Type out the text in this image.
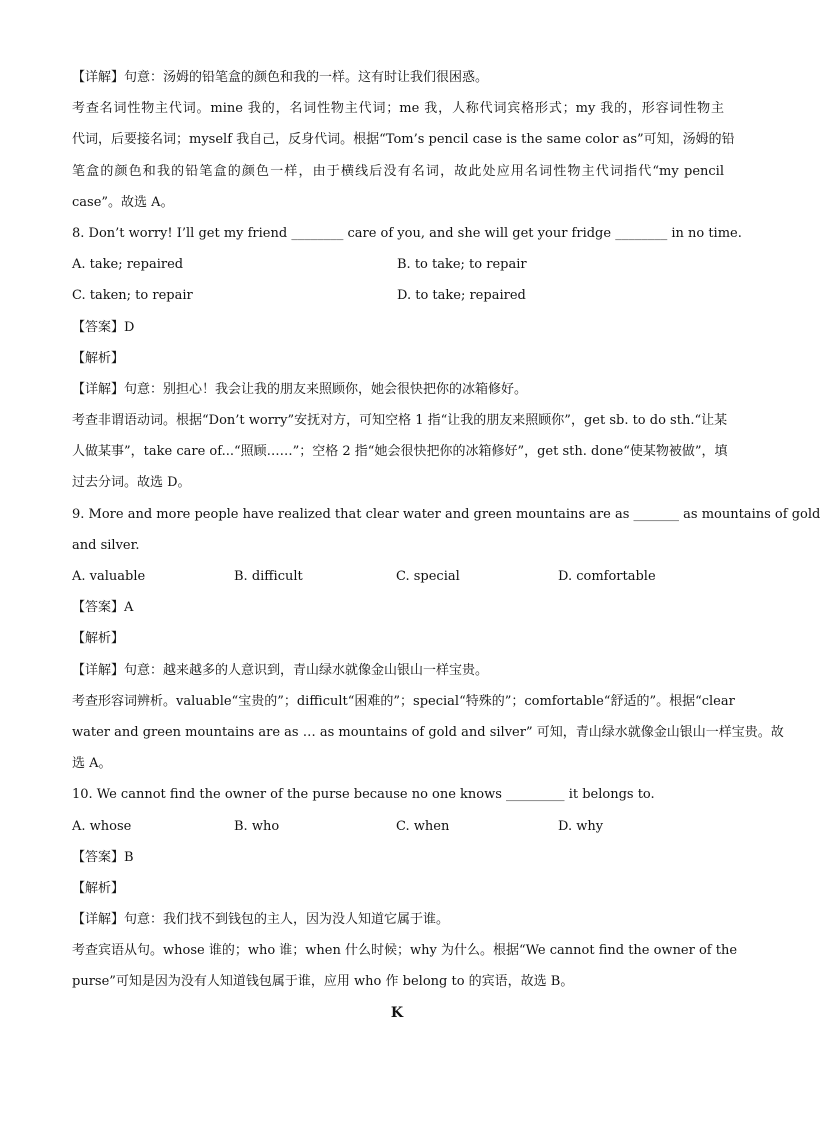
【详解】句意：汤姆的铅笔盒的颜色和我的一样。这有时让我们很困惑。
考查名词性物主代词。mine 我的，名词性物主代词；me 我，人称代词宾格形式；my 我的，形容词性物主
代词，后要接名词；myself 我自己，反身代词。根据“Tom’s pencil case is the same color as”可知，汤姆的铅
笔盒的颜色和我的铅笔盒的颜色一样，由于横线后没有名词，故此处应用名词性物主代词指代“my pencil
case”。故选 A。
8. Don’t worry! I’ll get my friend ________ care of you, and she will get your fridge ________ in no time.
A. take; repaired	B. to take; to repair
C. taken; to repair	D. to take; repaired
【答案】D
【解析】
【详解】句意：别担心！我会让我的朋友来照顾你，她会很快把你的冰箱修好。
考查非谓语动词。根据“Don’t worry”安抚对方，可知空格 1 指“让我的朋友来照顾你”，get sb. to do sth.“让某
人做某事”，take care of...“照顾……”；空格 2 指“她会很快把你的冰箱修好”，get sth. done“使某物被做”，填
过去分词。故选 D。
9. More and more people have realized that clear water and green mountains are as _______ as mountains of gold
and silver.
A. valuable	B. difficult	C. special	D. comfortable
【答案】A
【解析】
【详解】句意：越来越多的人意识到，青山绿水就像金山银山一样宝贵。
考查形容词辨析。valuable“宝贵的”；difficult“困难的”；special“特殊的”；comfortable“舒适的”。根据“clear
water and green mountains are as … as mountains of gold and silver” 可知，青山绿水就像金山银山一样宝贵。故
选 A。
10. We cannot find the owner of the purse because no one knows _________ it belongs to.
A. whose	B. who	C. when	D. why
【答案】B
【解析】
【详解】句意：我们找不到钱包的主人，因为没人知道它属于谁。
考查宾语从句。whose 谁的；who 谁；when 什么时候；why 为什么。根据“We cannot find the owner of the
purse”可知是因为没有人知道钱包属于谁，应用 who 作 belong to 的宾语，故选 B。
K
